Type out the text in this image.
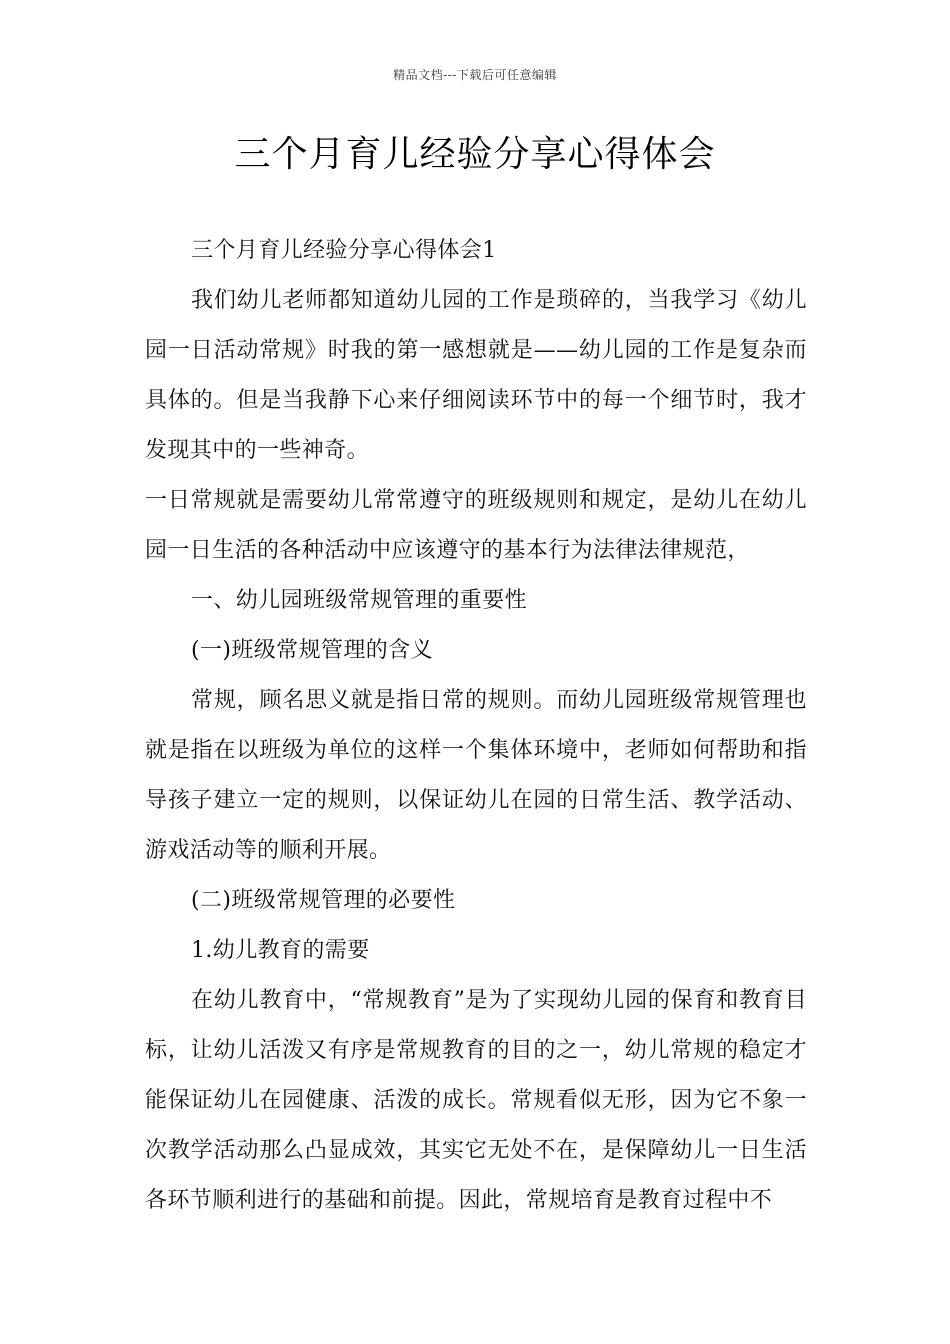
精品文档---下载后可任意编辑
三个月育儿经验分享心得体会

三个月育儿经验分享心得体会1

我们幼儿老师都知道幼儿园的工作是琐碎的，当我学习《幼儿园一日活动常规》时我的第一感想就是——幼儿园的工作是复杂而具体的。但是当我静下心来仔细阅读环节中的每一个细节时，我才发现其中的一些神奇。

一日常规就是需要幼儿常常遵守的班级规则和规定，是幼儿在幼儿园一日生活的各种活动中应该遵守的基本行为法律法律规范，

一、幼儿园班级常规管理的重要性

(一)班级常规管理的含义

常规，顾名思义就是指日常的规则。而幼儿园班级常规管理也就是指在以班级为单位的这样一个集体环境中，老师如何帮助和指导孩子建立一定的规则，以保证幼儿在园的日常生活、教学活动、游戏活动等的顺利开展。

(二)班级常规管理的必要性

1.幼儿教育的需要

在幼儿教育中，“常规教育”是为了实现幼儿园的保育和教育目标，让幼儿活泼又有序是常规教育的目的之一，幼儿常规的稳定才能保证幼儿在园健康、活泼的成长。常规看似无形，因为它不象一次教学活动那么凸显成效，其实它无处不在，是保障幼儿一日生活各环节顺利进行的基础和前提。因此，常规培育是教育过程中不
